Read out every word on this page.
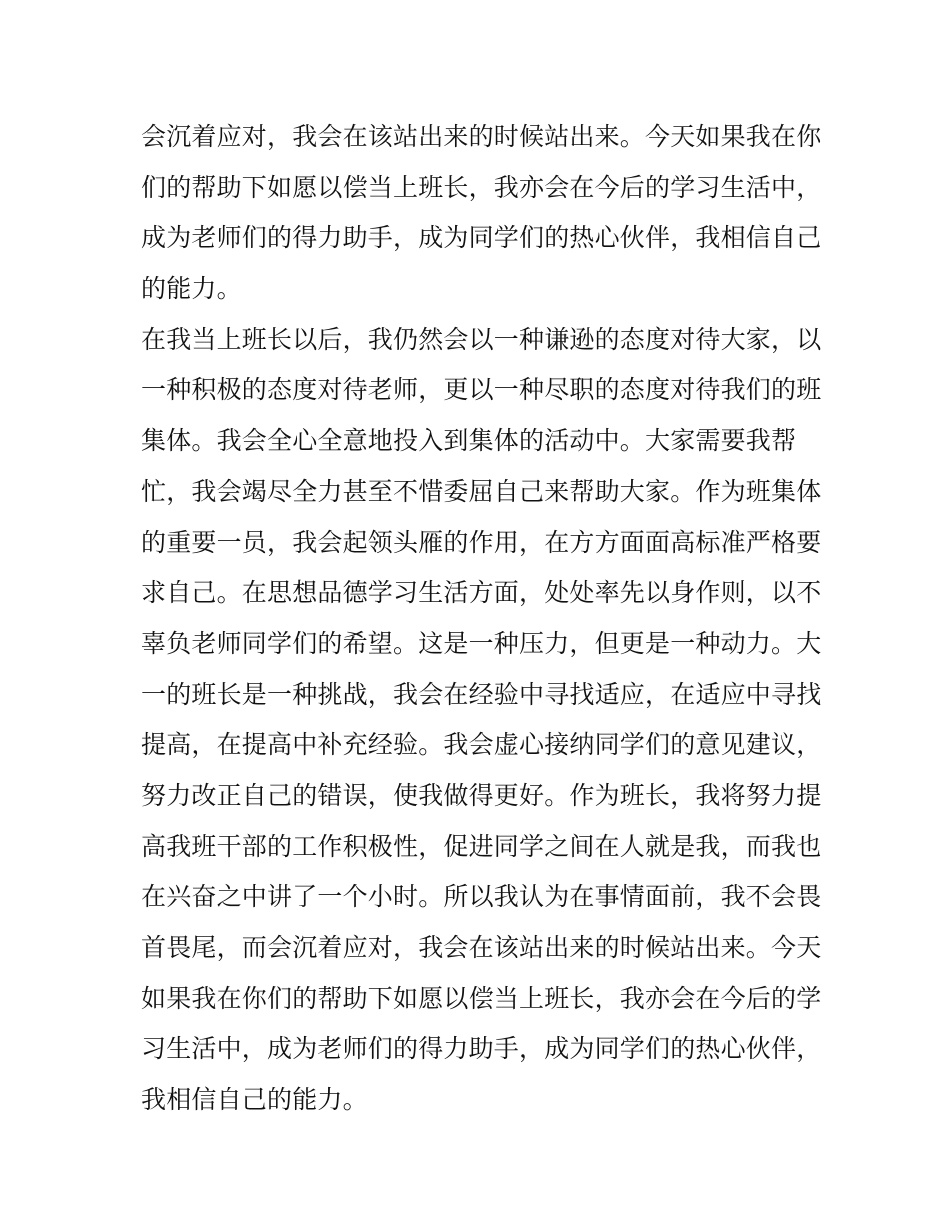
会沉着应对，我会在该站出来的时候站出来。今天如果我在你
们的帮助下如愿以偿当上班长，我亦会在今后的学习生活中，
成为老师们的得力助手，成为同学们的热心伙伴，我相信自己
的能力。
在我当上班长以后，我仍然会以一种谦逊的态度对待大家，以
一种积极的态度对待老师，更以一种尽职的态度对待我们的班
集体。我会全心全意地投入到集体的活动中。大家需要我帮
忙，我会竭尽全力甚至不惜委屈自己来帮助大家。作为班集体
的重要一员，我会起领头雁的作用，在方方面面高标准严格要
求自己。在思想品德学习生活方面，处处率先以身作则，以不
辜负老师同学们的希望。这是一种压力，但更是一种动力。大
一的班长是一种挑战，我会在经验中寻找适应，在适应中寻找
提高，在提高中补充经验。我会虚心接纳同学们的意见建议，
努力改正自己的错误，使我做得更好。作为班长，我将努力提
高我班干部的工作积极性，促进同学之间在人就是我，而我也
在兴奋之中讲了一个小时。所以我认为在事情面前，我不会畏
首畏尾，而会沉着应对，我会在该站出来的时候站出来。今天
如果我在你们的帮助下如愿以偿当上班长，我亦会在今后的学
习生活中，成为老师们的得力助手，成为同学们的热心伙伴，
我相信自己的能力。
